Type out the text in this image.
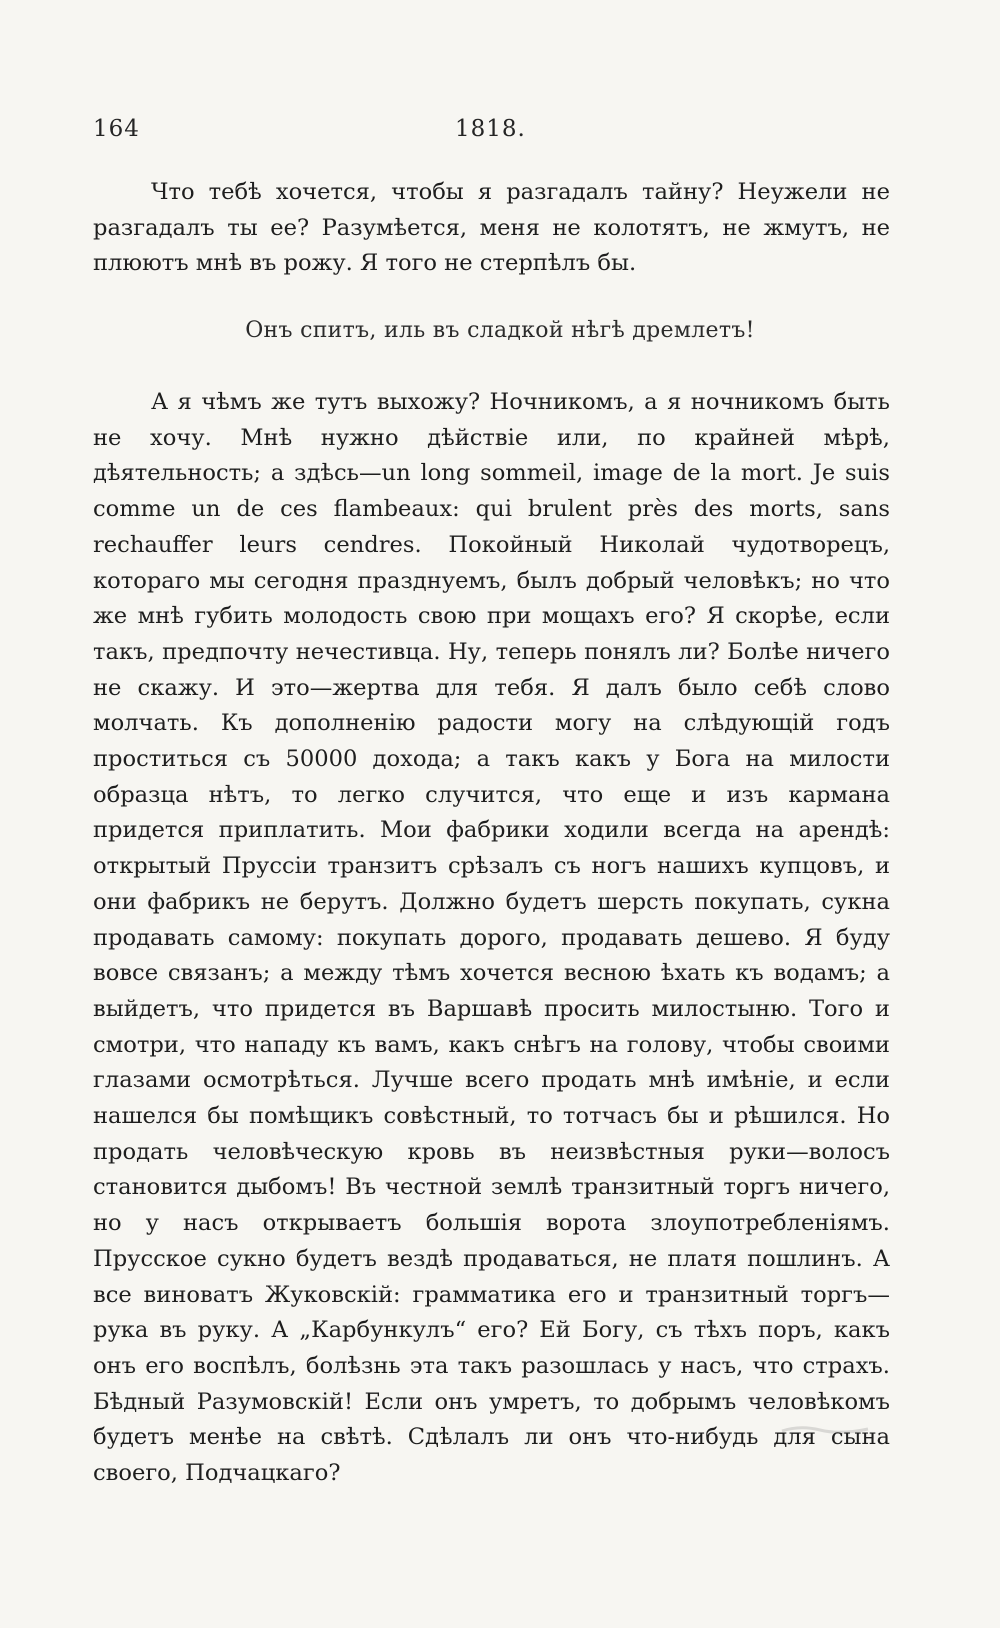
164	1818.

Что тебѣ хочется, чтобы я разгадалъ тайну? Неужели не разгадалъ ты ее? Разумѣется, меня не колотятъ, не жмутъ, не плюютъ мнѣ въ рожу. Я того не стерпѣлъ бы.

Онъ спитъ, иль въ сладкой нѣгѣ дремлетъ!

А я чѣмъ же тутъ выхожу? Ночникомъ, а я ночникомъ быть не хочу. Мнѣ нужно дѣйствіе или, по крайней мѣрѣ, дѣятельность; а здѣсь—un long sommeil, image de la mort. Je suis comme un de ces flambeaux: qui brulent près des morts, sans rechauffer leurs cendres. Покойный Николай чудотворецъ, котораго мы сегодня празднуемъ, былъ добрый человѣкъ; но что же мнѣ губить молодость свою при мощахъ его? Я скорѣе, если такъ, предпочту нечестивца. Ну, теперь понялъ ли? Болѣе ничего не скажу. И это—жертва для тебя. Я далъ было себѣ слово молчать. Къ дополненію радости могу на слѣдующій годъ проститься съ 50000 дохода; а такъ какъ у Бога на милости образца нѣтъ, то легко случится, что еще и изъ кармана придется приплатить. Мои фабрики ходили всегда на арендѣ: открытый Пруссіи транзитъ срѣзалъ съ ногъ нашихъ купцовъ, и они фабрикъ не берутъ. Должно будетъ шерсть покупать, сукна продавать самому: покупать дорого, продавать дешево. Я буду вовсе связанъ; а между тѣмъ хочется весною ѣхать къ водамъ; а выйдетъ, что придется въ Варшавѣ просить милостыню. Того и смотри, что нападу къ вамъ, какъ снѣгъ на голову, чтобы своими глазами осмотрѣться. Лучше всего продать мнѣ имѣніе, и если нашелся бы помѣщикъ совѣстный, то тотчасъ бы и рѣшился. Но продать человѣческую кровь въ неизвѣстныя руки—волосъ становится дыбомъ! Въ честной землѣ транзитный торгъ ничего, но у насъ открываетъ большія ворота злоупотребленіямъ. Прусское сукно будетъ вездѣ продаваться, не платя пошлинъ. А все виноватъ Жуковскій: грамматика его и транзитный торгъ—рука въ руку. А „Карбункулъ“ его? Ей Богу, съ тѣхъ поръ, какъ онъ его воспѣлъ, болѣзнь эта такъ разошлась у насъ, что страхъ. Бѣдный Разумовскій! Если онъ умретъ, то добрымъ человѣкомъ будетъ менѣе на свѣтѣ. Сдѣлалъ ли онъ что-нибудь для сына своего, Подчацкаго?
